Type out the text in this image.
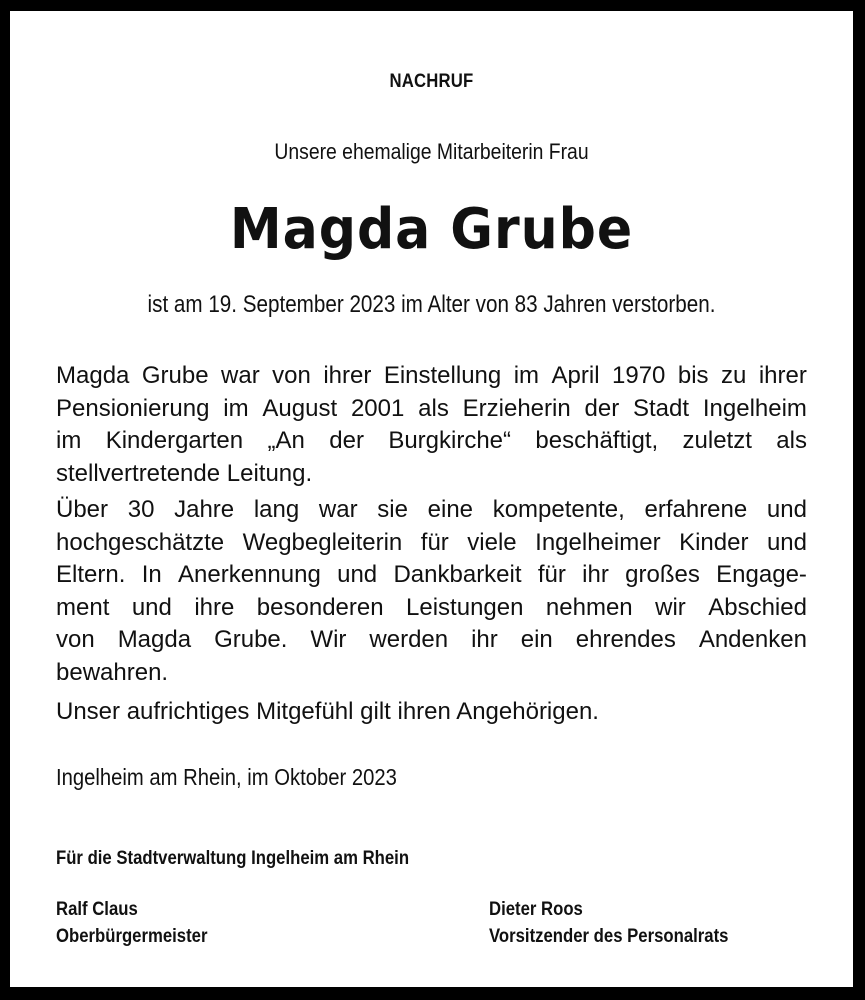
NACHRUF
Unsere ehemalige Mitarbeiterin Frau
Magda Grube
ist am 19. September 2023 im Alter von 83 Jahren verstorben.
Magda Grube war von ihrer Einstellung im April 1970 bis zu ihrer
Pensionierung im August 2001 als Erzieherin der Stadt Ingelheim
im Kindergarten „An der Burgkirche“ beschäftigt, zuletzt als
stellvertretende Leitung.
Über 30 Jahre lang war sie eine kompetente, erfahrene und
hochgeschätzte Wegbegleiterin für viele Ingelheimer Kinder und
Eltern. In Anerkennung und Dankbarkeit für ihr großes Engage-
ment und ihre besonderen Leistungen nehmen wir Abschied
von Magda Grube. Wir werden ihr ein ehrendes Andenken
bewahren.
Unser aufrichtiges Mitgefühl gilt ihren Angehörigen.
Ingelheim am Rhein, im Oktober 2023
Für die Stadtverwaltung Ingelheim am Rhein
Ralf Claus
Oberbürgermeister
Dieter Roos
Vorsitzender des Personalrats
